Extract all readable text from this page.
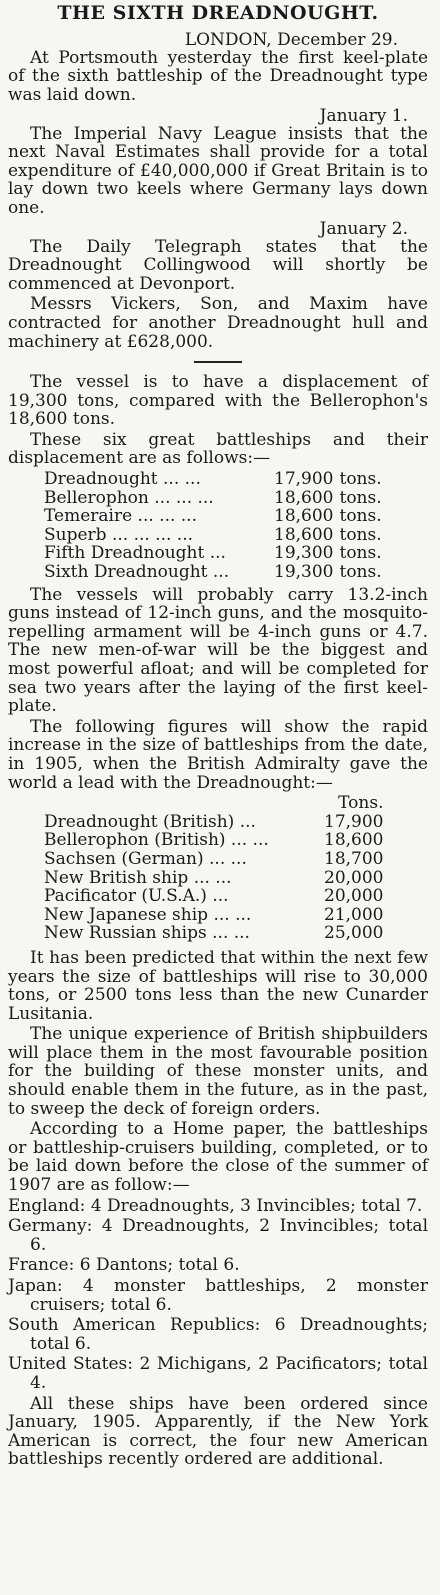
THE SIXTH DREADNOUGHT.
LONDON, December 29.

At Portsmouth yesterday the first keel-plate of the sixth battleship of the Dreadnought type was laid down.

January 1.

The Imperial Navy League insists that the next Naval Estimates shall provide for a total expenditure of £40,000,000 if Great Britain is to lay down two keels where Germany lays down one.

January 2.

The Daily Telegraph states that the Dreadnought Collingwood will shortly be commenced at Devonport.

Messrs Vickers, Son, and Maxim have contracted for another Dreadnought hull and machinery at £628,000.

The vessel is to have a displacement of 19,300 tons, compared with the Bellerophon's 18,600 tons.

These six great battleships and their displacement are as follows:—

Dreadnought ... ...	17,900	tons.
Bellerophon ... ... ...	18,600	tons.
Temeraire ... ... ...	18,600	tons.
Superb ... ... ... ...	18,600	tons.
Fifth Dreadnought ...	19,300	tons.
Sixth Dreadnought ...	19,300	tons.

The vessels will probably carry 13.2-inch guns instead of 12-inch guns, and the mosquito-repelling armament will be 4-inch guns or 4.7. The new men-of-war will be the biggest and most powerful afloat; and will be completed for sea two years after the laying of the first keel-plate.

The following figures will show the rapid increase in the size of battleships from the date, in 1905, when the British Admiralty gave the world a lead with the Dreadnought:—

	Tons.
Dreadnought (British) ...	17,900
Bellerophon (British) ... ...	18,600
Sachsen (German) ... ...	18,700
New British ship ... ...	20,000
Pacificator (U.S.A.) ...	20,000
New Japanese ship ... ...	21,000
New Russian ships ... ...	25,000

It has been predicted that within the next few years the size of battleships will rise to 30,000 tons, or 2500 tons less than the new Cunarder Lusitania.

The unique experience of British shipbuilders will place them in the most favourable position for the building of these monster units, and should enable them in the future, as in the past, to sweep the deck of foreign orders.

According to a Home paper, the battleships or battleship-cruisers building, completed, or to be laid down before the close of the summer of 1907 are as follow:—

England: 4 Dreadnoughts, 3 Invincibles; total 7.

Germany: 4 Dreadnoughts, 2 Invincibles; total 6.

France: 6 Dantons; total 6.

Japan: 4 monster battleships, 2 monster cruisers; total 6.

South American Republics: 6 Dreadnoughts; total 6.

United States: 2 Michigans, 2 Pacificators; total 4.

All these ships have been ordered since January, 1905. Apparently, if the New York American is correct, the four new American battleships recently ordered are additional.
